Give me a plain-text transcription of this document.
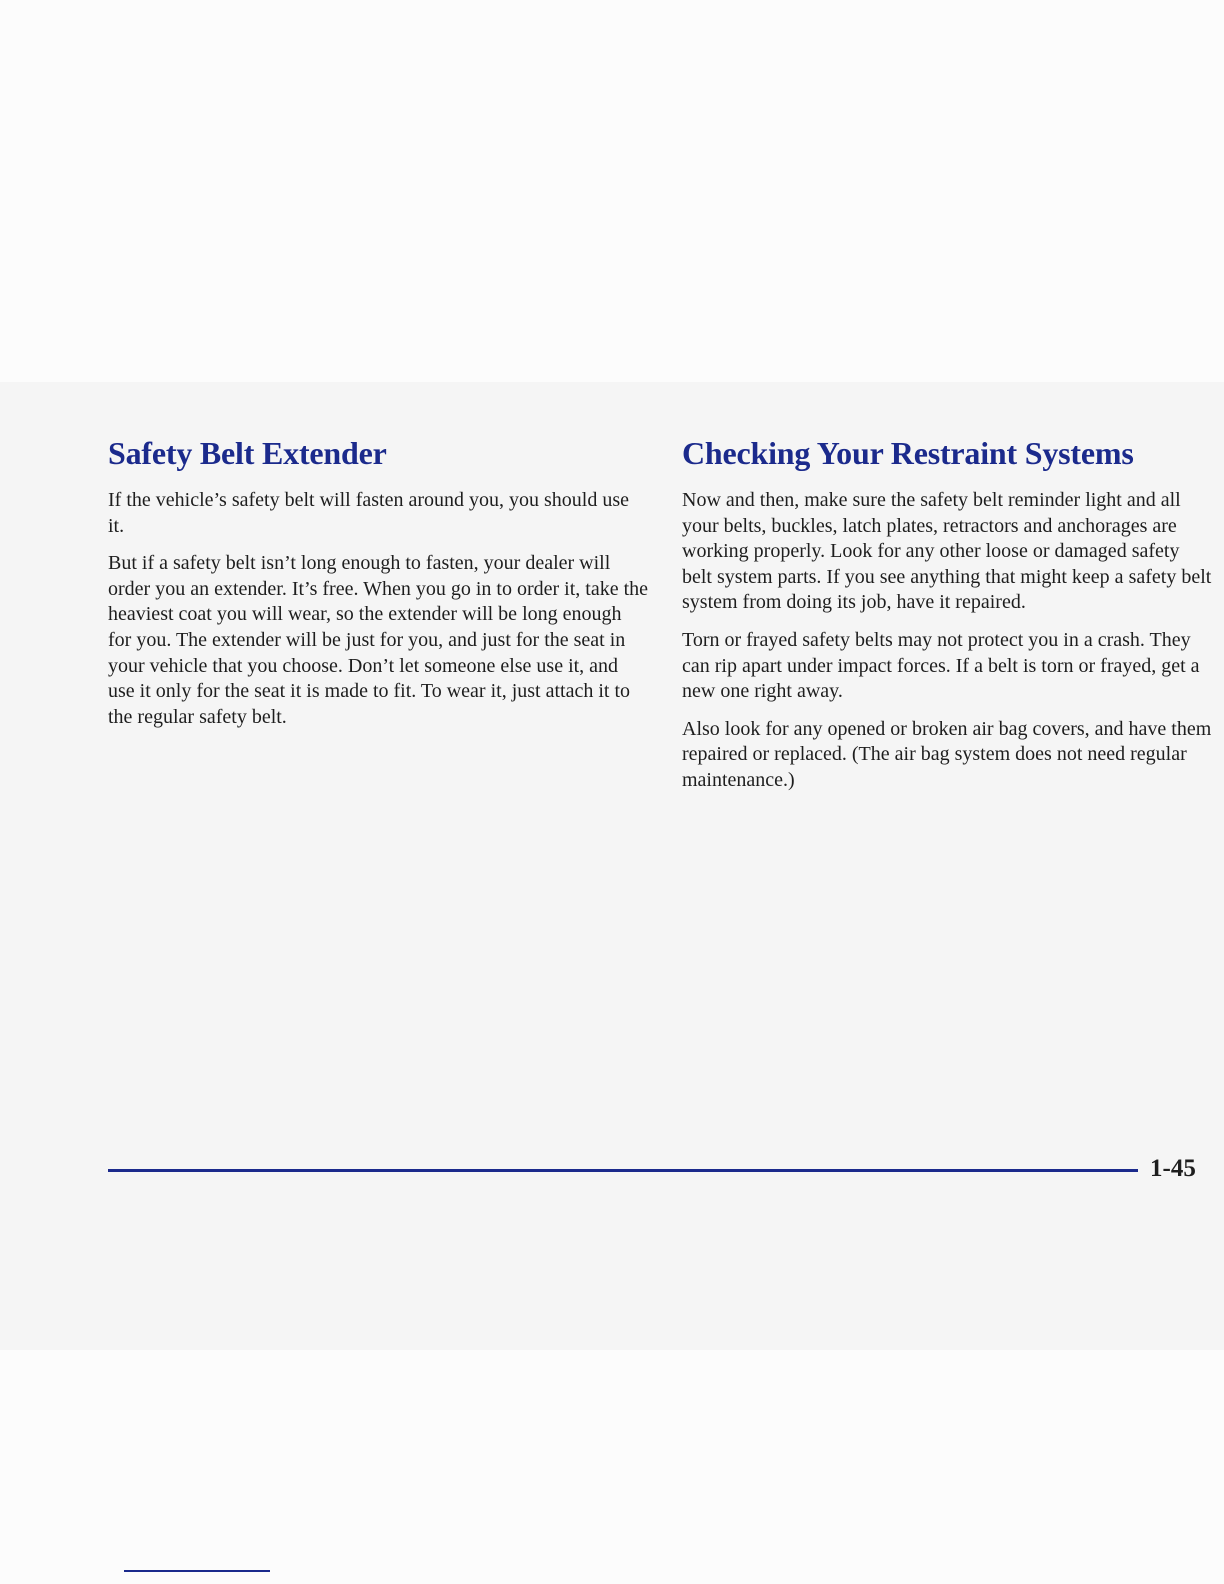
Safety Belt Extender

If the vehicle’s safety belt will fasten around you, you should use it.

But if a safety belt isn’t long enough to fasten, your dealer will order you an extender. It’s free. When you go in to order it, take the heaviest coat you will wear, so the extender will be long enough for you. The extender will be just for you, and just for the seat in your vehicle that you choose. Don’t let someone else use it, and use it only for the seat it is made to fit. To wear it, just attach it to the regular safety belt.

Checking Your Restraint Systems

Now and then, make sure the safety belt reminder light and all your belts, buckles, latch plates, retractors and anchorages are working properly. Look for any other loose or damaged safety belt system parts. If you see anything that might keep a safety belt system from doing its job, have it repaired.

Torn or frayed safety belts may not protect you in a crash. They can rip apart under impact forces. If a belt is torn or frayed, get a new one right away.

Also look for any opened or broken air bag covers, and have them repaired or replaced. (The air bag system does not need regular maintenance.)

1-45
